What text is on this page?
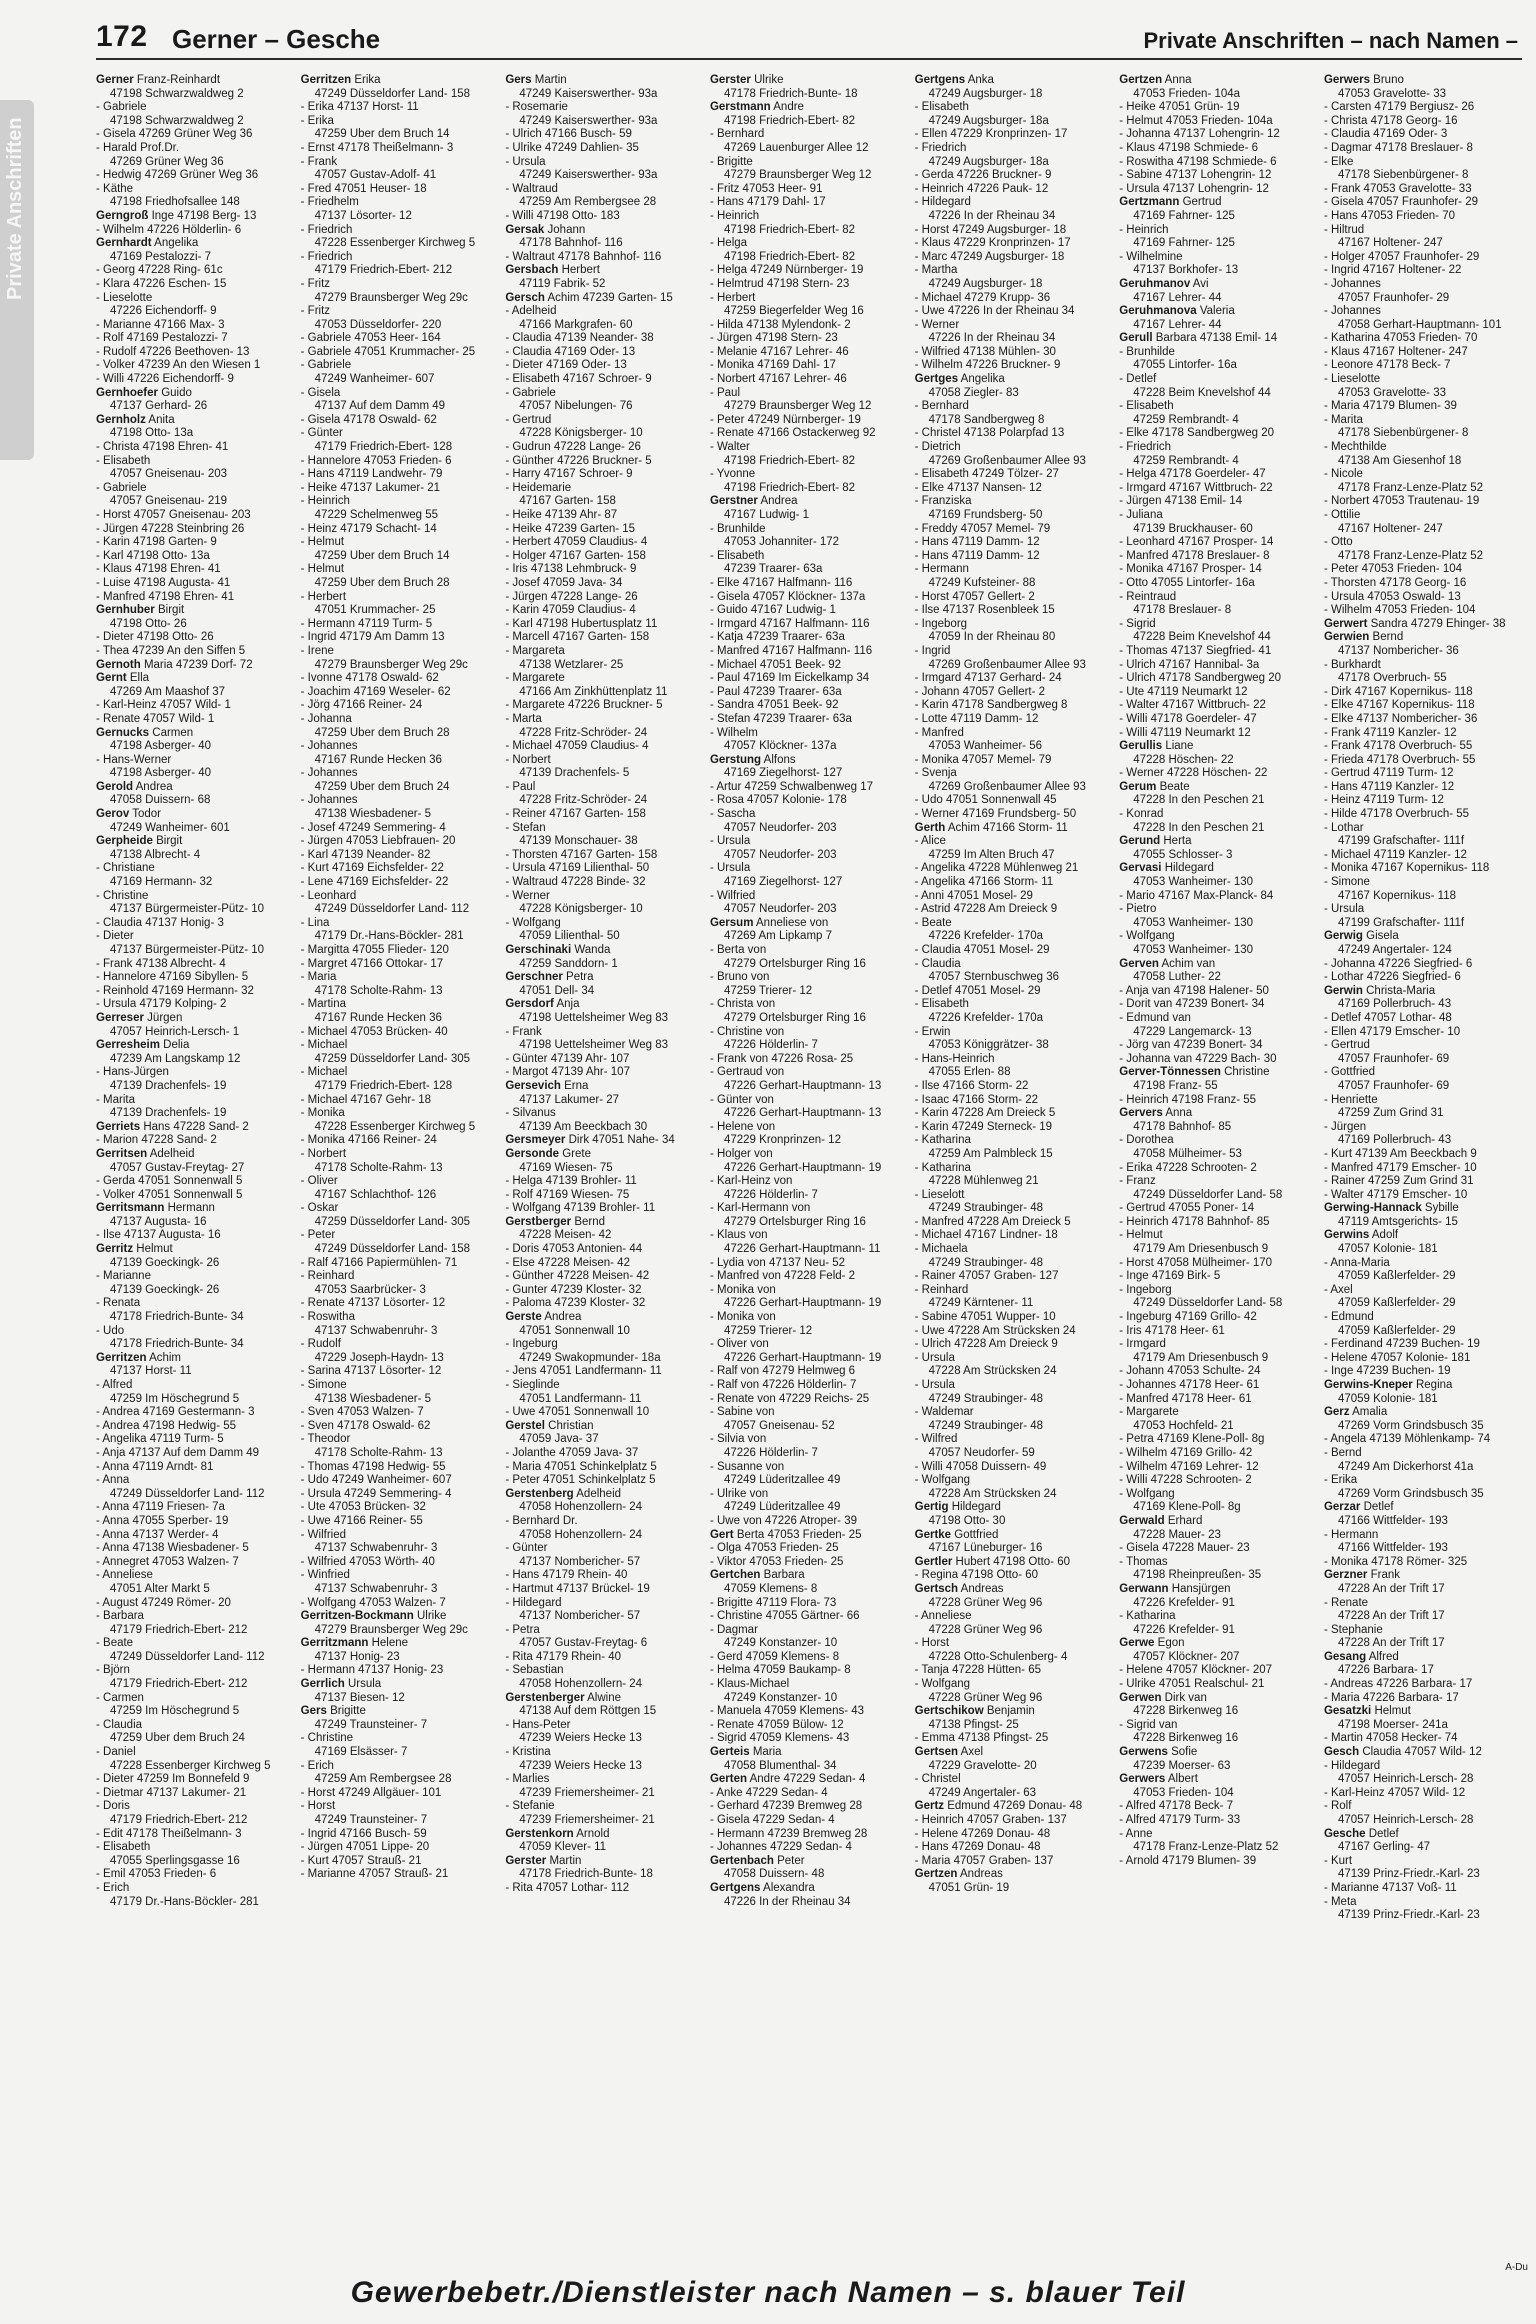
Private Anschriften
172 Gerner – Gesche	Private Anschriften – nach Namen –
Gerner Franz-Reinhardt
47198 Schwarzwaldweg 2
- Gabriele
47198 Schwarzwaldweg 2
- Gisela 47269 Grüner Weg 36
- Harald Prof.Dr.
47269 Grüner Weg 36
- Hedwig 47269 Grüner Weg 36
- Käthe
47198 Friedhofsallee 148
Gerngroß Inge 47198 Berg- 13
- Wilhelm 47226 Hölderlin- 6
Gernhardt Angelika
47169 Pestalozzi- 7
- Georg 47228 Ring- 61c
- Klara 47226 Eschen- 15
- Lieselotte
47226 Eichendorff- 9
- Marianne 47166 Max- 3
- Rolf 47169 Pestalozzi- 7
- Rudolf 47226 Beethoven- 13
- Volker 47239 An den Wiesen 1
- Willi 47226 Eichendorff- 9
Gernhoefer Guido
47137 Gerhard- 26
Gernholz Anita
47198 Otto- 13a
- Christa 47198 Ehren- 41
- Elisabeth
47057 Gneisenau- 203
- Gabriele
47057 Gneisenau- 219
- Horst 47057 Gneisenau- 203
- Jürgen 47228 Steinbring 26
- Karin 47198 Garten- 9
- Karl 47198 Otto- 13a
- Klaus 47198 Ehren- 41
- Luise 47198 Augusta- 41
- Manfred 47198 Ehren- 41
Gernhuber Birgit
47198 Otto- 26
- Dieter 47198 Otto- 26
- Thea 47239 An den Siffen 5
Gernoth Maria 47239 Dorf- 72
Gernt Ella
47269 Am Maashof 37
- Karl-Heinz 47057 Wild- 1
- Renate 47057 Wild- 1
Gernucks Carmen
47198 Asberger- 40
- Hans-Werner
47198 Asberger- 40
Gerold Andrea
47058 Duissern- 68
Gerov Todor
47249 Wanheimer- 601
Gerpheide Birgit
47138 Albrecht- 4
- Christiane
47169 Hermann- 32
- Christine
47137 Bürgermeister-Pütz- 10
- Claudia 47137 Honig- 3
- Dieter
47137 Bürgermeister-Pütz- 10
- Frank 47138 Albrecht- 4
- Hannelore 47169 Sibyllen- 5
- Reinhold 47169 Hermann- 32
- Ursula 47179 Kolping- 2
Gerreser Jürgen
47057 Heinrich-Lersch- 1
Gerresheim Delia
47239 Am Langskamp 12
- Hans-Jürgen
47139 Drachenfels- 19
- Marita
47139 Drachenfels- 19
Gerriets Hans 47228 Sand- 2
- Marion 47228 Sand- 2
Gerritsen Adelheid
47057 Gustav-Freytag- 27
- Gerda 47051 Sonnenwall 5
- Volker 47051 Sonnenwall 5
Gerritsmann Hermann
47137 Augusta- 16
- Ilse 47137 Augusta- 16
Gerritz Helmut
47139 Goeckingk- 26
- Marianne
47139 Goeckingk- 26
- Renata
47178 Friedrich-Bunte- 34
- Udo
47178 Friedrich-Bunte- 34
Gerritzen Achim
47137 Horst- 11
- Alfred
47259 Im Höschegrund 5
- Andrea 47169 Gestermann- 3
- Andrea 47198 Hedwig- 55
- Angelika 47119 Turm- 5
- Anja 47137 Auf dem Damm 49
- Anna 47119 Arndt- 81
- Anna
47249 Düsseldorfer Land- 112
- Anna 47119 Friesen- 7a
- Anna 47055 Sperber- 19
- Anna 47137 Werder- 4
- Anna 47138 Wiesbadener- 5
- Annegret 47053 Walzen- 7
- Anneliese
47051 Alter Markt 5
- August 47249 Römer- 20
- Barbara
47179 Friedrich-Ebert- 212
- Beate
47249 Düsseldorfer Land- 112
- Björn
47179 Friedrich-Ebert- 212
- Carmen
47259 Im Höschegrund 5
- Claudia
47259 Über dem Bruch 24
- Daniel
47228 Essenberger Kirchweg 5
- Dieter 47259 Im Bonnefeld 9
- Dietmar 47137 Lakumer- 21
- Doris
47179 Friedrich-Ebert- 212
- Edit 47178 Theißelmann- 3
- Elisabeth
47055 Sperlingsgasse 16
- Emil 47053 Frieden- 6
- Erich
47179 Dr.-Hans-Böckler- 281
Gerritzen Erika
47249 Düsseldorfer Land- 158
- Erika 47137 Horst- 11
- Erika
47259 Über dem Bruch 14
- Ernst 47178 Theißelmann- 3
- Frank
47057 Gustav-Adolf- 41
- Fred 47051 Heuser- 18
- Friedhelm
47137 Lösorter- 12
- Friedrich
47228 Essenberger Kirchweg 5
- Friedrich
47179 Friedrich-Ebert- 212
- Fritz
47279 Braunsberger Weg 29c
- Fritz
47053 Düsseldorfer- 220
- Gabriele 47053 Heer- 164
- Gabriele 47051 Krummacher- 25
- Gabriele
47249 Wanheimer- 607
- Gisela
47137 Auf dem Damm 49
- Gisela 47178 Oswald- 62
- Günter
47179 Friedrich-Ebert- 128
- Hannelore 47053 Frieden- 6
- Hans 47119 Landwehr- 79
- Heike 47137 Lakumer- 21
- Heinrich
47229 Schelmenweg 55
- Heinz 47179 Schacht- 14
- Helmut
47259 Über dem Bruch 14
- Helmut
47259 Über dem Bruch 28
- Herbert
47051 Krummacher- 25
- Hermann 47119 Turm- 5
- Ingrid 47179 Am Damm 13
- Irene
47279 Braunsberger Weg 29c
- Ivonne 47178 Oswald- 62
- Joachim 47169 Weseler- 62
- Jörg 47166 Reiner- 24
- Johanna
47259 Über dem Bruch 28
- Johannes
47167 Runde Hecken 36
- Johannes
47259 Über dem Bruch 24
- Johannes
47138 Wiesbadener- 5
- Josef 47249 Semmering- 4
- Jürgen 47053 Liebfrauen- 20
- Karl 47139 Neander- 82
- Kurt 47169 Eichsfelder- 22
- Lene 47169 Eichsfelder- 22
- Leonhard
47249 Düsseldorfer Land- 112
- Lina
47179 Dr.-Hans-Böckler- 281
- Margitta 47055 Flieder- 120
- Margret 47166 Ottokar- 17
- Maria
47178 Scholte-Rahm- 13
- Martina
47167 Runde Hecken 36
- Michael 47053 Brücken- 40
- Michael
47259 Düsseldorfer Land- 305
- Michael
47179 Friedrich-Ebert- 128
- Michael 47167 Gehr- 18
- Monika
47228 Essenberger Kirchweg 5
- Monika 47166 Reiner- 24
- Norbert
47178 Scholte-Rahm- 13
- Oliver
47167 Schlachthof- 126
- Oskar
47259 Düsseldorfer Land- 305
- Peter
47249 Düsseldorfer Land- 158
- Ralf 47166 Papiermühlen- 71
- Reinhard
47053 Saarbrücker- 3
- Renate 47137 Lösorter- 12
- Roswitha
47137 Schwabenruhr- 3
- Rudolf
47229 Joseph-Haydn- 13
- Sarina 47137 Lösorter- 12
- Simone
47138 Wiesbadener- 5
- Sven 47053 Walzen- 7
- Sven 47178 Oswald- 62
- Theodor
47178 Scholte-Rahm- 13
- Thomas 47198 Hedwig- 55
- Udo 47249 Wanheimer- 607
- Ursula 47249 Semmering- 4
- Ute 47053 Brücken- 32
- Uwe 47166 Reiner- 55
- Wilfried
47137 Schwabenruhr- 3
- Wilfried 47053 Wörth- 40
- Winfried
47137 Schwabenruhr- 3
- Wolfgang 47053 Walzen- 7
Gerritzen-Bockmann Ulrike
47279 Braunsberger Weg 29c
Gerritzmann Helene
47137 Honig- 23
- Hermann 47137 Honig- 23
Gerrlich Ursula
47137 Biesen- 12
Gers Brigitte
47249 Traunsteiner- 7
- Christine
47169 Elsässer- 7
- Erich
47259 Am Rembergsee 28
- Horst 47249 Allgäuer- 101
- Horst
47249 Traunsteiner- 7
- Ingrid 47166 Busch- 59
- Jürgen 47051 Lippe- 20
- Kurt 47057 Strauß- 21
- Marianne 47057 Strauß- 21
Gers Martin
47249 Kaiserswerther- 93a
- Rosemarie
47249 Kaiserswerther- 93a
- Ulrich 47166 Busch- 59
- Ulrike 47249 Dahlien- 35
- Ursula
47249 Kaiserswerther- 93a
- Waltraud
47259 Am Rembergsee 28
- Willi 47198 Otto- 183
Gersak Johann
47178 Bahnhof- 116
- Waltraut 47178 Bahnhof- 116
Gersbach Herbert
47119 Fabrik- 52
Gersch Achim 47239 Garten- 15
- Adelheid
47166 Markgrafen- 60
- Claudia 47139 Neander- 38
- Claudia 47169 Oder- 13
- Dieter 47169 Oder- 13
- Elisabeth 47167 Schroer- 9
- Gabriele
47057 Nibelungen- 76
- Gertrud
47228 Königsberger- 10
- Gudrun 47228 Lange- 26
- Günther 47226 Bruckner- 5
- Harry 47167 Schroer- 9
- Heidemarie
47167 Garten- 158
- Heike 47139 Ahr- 87
- Heike 47239 Garten- 15
- Herbert 47059 Claudius- 4
- Holger 47167 Garten- 158
- Iris 47138 Lehmbruck- 9
- Josef 47059 Java- 34
- Jürgen 47228 Lange- 26
- Karin 47059 Claudius- 4
- Karl 47198 Hubertusplatz 11
- Marcell 47167 Garten- 158
- Margareta
47138 Wetzlarer- 25
- Margarete
47166 Am Zinkhüttenplatz 11
- Margarete 47226 Bruckner- 5
- Marta
47228 Fritz-Schröder- 24
- Michael 47059 Claudius- 4
- Norbert
47139 Drachenfels- 5
- Paul
47228 Fritz-Schröder- 24
- Reiner 47167 Garten- 158
- Stefan
47139 Monschauer- 38
- Thorsten 47167 Garten- 158
- Ursula 47169 Lilienthal- 50
- Waltraud 47228 Binde- 32
- Werner
47228 Königsberger- 10
- Wolfgang
47059 Lilienthal- 50
Gerschinaki Wanda
47259 Sanddorn- 1
Gerschner Petra
47051 Dell- 34
Gersdorf Anja
47198 Uettelsheimer Weg 83
- Frank
47198 Uettelsheimer Weg 83
- Günter 47139 Ahr- 107
- Margot 47139 Ahr- 107
Gersevich Erna
47137 Lakumer- 27
- Silvanus
47139 Am Beeckbach 30
Gersmeyer Dirk 47051 Nahe- 34
Gersonde Grete
47169 Wiesen- 75
- Helga 47139 Brohler- 11
- Rolf 47169 Wiesen- 75
- Wolfgang 47139 Brohler- 11
Gerstberger Bernd
47228 Meisen- 42
- Doris 47053 Antonien- 44
- Else 47228 Meisen- 42
- Günther 47228 Meisen- 42
- Gunter 47239 Kloster- 32
- Paloma 47239 Kloster- 32
Gerste Andrea
47051 Sonnenwall 10
- Ingeburg
47249 Swakopmunder- 18a
- Jens 47051 Landfermann- 11
- Sieglinde
47051 Landfermann- 11
- Uwe 47051 Sonnenwall 10
Gerstel Christian
47059 Java- 37
- Jolanthe 47059 Java- 37
- Maria 47051 Schinkelplatz 5
- Peter 47051 Schinkelplatz 5
Gerstenberg Adelheid
47058 Hohenzollern- 24
- Bernhard Dr.
47058 Hohenzollern- 24
- Günter
47137 Nombericher- 57
- Hans 47179 Rhein- 40
- Hartmut 47137 Brückel- 19
- Hildegard
47137 Nombericher- 57
- Petra
47057 Gustav-Freytag- 6
- Rita 47179 Rhein- 40
- Sebastian
47058 Hohenzollern- 24
Gerstenberger Alwine
47138 Auf dem Röttgen 15
- Hans-Peter
47239 Weiers Hecke 13
- Kristina
47239 Weiers Hecke 13
- Marlies
47239 Friemersheimer- 21
- Stefanie
47239 Friemersheimer- 21
Gerstenkorn Arnold
47059 Klever- 11
Gerster Martin
47178 Friedrich-Bunte- 18
- Rita 47057 Lothar- 112
Gerster Ulrike
47178 Friedrich-Bunte- 18
Gerstmann Andre
47198 Friedrich-Ebert- 82
- Bernhard
47269 Lauenburger Allee 12
- Brigitte
47279 Braunsberger Weg 12
- Fritz 47053 Heer- 91
- Hans 47179 Dahl- 17
- Heinrich
47198 Friedrich-Ebert- 82
- Helga
47198 Friedrich-Ebert- 82
- Helga 47249 Nürnberger- 19
- Helmtrud 47198 Stern- 23
- Herbert
47259 Biegerfelder Weg 16
- Hilda 47138 Mylendonk- 2
- Jürgen 47198 Stern- 23
- Melanie 47167 Lehrer- 46
- Monika 47169 Dahl- 17
- Norbert 47167 Lehrer- 46
- Paul
47279 Braunsberger Weg 12
- Peter 47249 Nürnberger- 19
- Renate 47166 Ostackerweg 92
- Walter
47198 Friedrich-Ebert- 82
- Yvonne
47198 Friedrich-Ebert- 82
Gerstner Andrea
47167 Ludwig- 1
- Brunhilde
47053 Johanniter- 172
- Elisabeth
47239 Traarer- 63a
- Elke 47167 Halfmann- 116
- Gisela 47057 Klöckner- 137a
- Guido 47167 Ludwig- 1
- Irmgard 47167 Halfmann- 116
- Katja 47239 Traarer- 63a
- Manfred 47167 Halfmann- 116
- Michael 47051 Beek- 92
- Paul 47169 Im Eickelkamp 34
- Paul 47239 Traarer- 63a
- Sandra 47051 Beek- 92
- Stefan 47239 Traarer- 63a
- Wilhelm
47057 Klöckner- 137a
Gerstung Alfons
47169 Ziegelhorst- 127
- Artur 47259 Schwalbenweg 17
- Rosa 47057 Kolonie- 178
- Sascha
47057 Neudorfer- 203
- Ursula
47057 Neudorfer- 203
- Ursula
47169 Ziegelhorst- 127
- Wilfried
47057 Neudorfer- 203
Gersum Anneliese von
47269 Am Lipkamp 7
- Berta von
47279 Ortelsburger Ring 16
- Bruno von
47259 Trierer- 12
- Christa von
47279 Ortelsburger Ring 16
- Christine von
47226 Hölderlin- 7
- Frank von 47226 Rosa- 25
- Gertraud von
47226 Gerhart-Hauptmann- 13
- Günter von
47226 Gerhart-Hauptmann- 13
- Helene von
47229 Kronprinzen- 12
- Holger von
47226 Gerhart-Hauptmann- 19
- Karl-Heinz von
47226 Hölderlin- 7
- Karl-Hermann von
47279 Ortelsburger Ring 16
- Klaus von
47226 Gerhart-Hauptmann- 11
- Lydia von 47137 Neu- 52
- Manfred von 47228 Feld- 2
- Monika von
47226 Gerhart-Hauptmann- 19
- Monika von
47259 Trierer- 12
- Oliver von
47226 Gerhart-Hauptmann- 19
- Ralf von 47279 Helmweg 6
- Ralf von 47226 Hölderlin- 7
- Renate von 47229 Reichs- 25
- Sabine von
47057 Gneisenau- 52
- Silvia von
47226 Hölderlin- 7
- Susanne von
47249 Lüderitzallee 49
- Ulrike von
47249 Lüderitzallee 49
- Uwe von 47226 Atroper- 39
Gert Berta 47053 Frieden- 25
- Olga 47053 Frieden- 25
- Viktor 47053 Frieden- 25
Gertchen Barbara
47059 Klemens- 8
- Brigitte 47119 Flora- 73
- Christine 47055 Gärtner- 66
- Dagmar
47249 Konstanzer- 10
- Gerd 47059 Klemens- 8
- Helma 47059 Baukamp- 8
- Klaus-Michael
47249 Konstanzer- 10
- Manuela 47059 Klemens- 43
- Renate 47059 Bülow- 12
- Sigrid 47059 Klemens- 43
Gerteis Maria
47058 Blumenthal- 34
Gerten Andre 47229 Sedan- 4
- Anke 47229 Sedan- 4
- Gerhard 47239 Bremweg 28
- Gisela 47229 Sedan- 4
- Hermann 47239 Bremweg 28
- Johannes 47229 Sedan- 4
Gertenbach Peter
47058 Duissern- 48
Gertgens Alexandra
47226 In der Rheinau 34
Gertgens Anka
47249 Augsburger- 18
- Elisabeth
47249 Augsburger- 18a
- Ellen 47229 Kronprinzen- 17
- Friedrich
47249 Augsburger- 18a
- Gerda 47226 Bruckner- 9
- Heinrich 47226 Pauk- 12
- Hildegard
47226 In der Rheinau 34
- Horst 47249 Augsburger- 18
- Klaus 47229 Kronprinzen- 17
- Marc 47249 Augsburger- 18
- Martha
47249 Augsburger- 18
- Michael 47279 Krupp- 36
- Uwe 47226 In der Rheinau 34
- Werner
47226 In der Rheinau 34
- Wilfried 47138 Mühlen- 30
- Wilhelm 47226 Bruckner- 9
Gertges Angelika
47058 Ziegler- 83
- Bernhard
47178 Sandbergweg 8
- Christel 47138 Polarpfad 13
- Dietrich
47269 Großenbaumer Allee 93
- Elisabeth 47249 Tölzer- 27
- Elke 47137 Nansen- 12
- Franziska
47169 Frundsberg- 50
- Freddy 47057 Memel- 79
- Hans 47119 Damm- 12
- Hans 47119 Damm- 12
- Hermann
47249 Kufsteiner- 88
- Horst 47057 Gellert- 2
- Ilse 47137 Rosenbleek 15
- Ingeborg
47059 In der Rheinau 80
- Ingrid
47269 Großenbaumer Allee 93
- Irmgard 47137 Gerhard- 24
- Johann 47057 Gellert- 2
- Karin 47178 Sandbergweg 8
- Lotte 47119 Damm- 12
- Manfred
47053 Wanheimer- 56
- Monika 47057 Memel- 79
- Svenja
47269 Großenbaumer Allee 93
- Udo 47051 Sonnenwall 45
- Werner 47169 Frundsberg- 50
Gerth Achim 47166 Storm- 11
- Alice
47259 Im Alten Bruch 47
- Angelika 47228 Mühlenweg 21
- Angelika 47166 Storm- 11
- Anni 47051 Mosel- 29
- Astrid 47228 Am Dreieck 9
- Beate
47226 Krefelder- 170a
- Claudia 47051 Mosel- 29
- Claudia
47057 Sternbuschweg 36
- Detlef 47051 Mosel- 29
- Elisabeth
47226 Krefelder- 170a
- Erwin
47053 Königgrätzer- 38
- Hans-Heinrich
47055 Erlen- 88
- Ilse 47166 Storm- 22
- Isaac 47166 Storm- 22
- Karin 47228 Am Dreieck 5
- Karin 47249 Sterneck- 19
- Katharina
47259 Am Palmbleck 15
- Katharina
47228 Mühlenweg 21
- Lieselott
47249 Straubinger- 48
- Manfred 47228 Am Dreieck 5
- Michael 47167 Lindner- 18
- Michaela
47249 Straubinger- 48
- Rainer 47057 Graben- 127
- Reinhard
47249 Kärntener- 11
- Sabine 47051 Wupper- 10
- Uwe 47228 Am Strücksken 24
- Ulrich 47228 Am Dreieck 9
- Ursula
47228 Am Strücksken 24
- Ursula
47249 Straubinger- 48
- Waldemar
47249 Straubinger- 48
- Wilfred
47057 Neudorfer- 59
- Willi 47058 Duissern- 49
- Wolfgang
47228 Am Strücksken 24
Gertig Hildegard
47198 Otto- 30
Gertke Gottfried
47167 Lüneburger- 16
Gertler Hubert 47198 Otto- 60
- Regina 47198 Otto- 60
Gertsch Andreas
47228 Grüner Weg 96
- Anneliese
47228 Grüner Weg 96
- Horst
47228 Otto-Schulenberg- 4
- Tanja 47228 Hütten- 65
- Wolfgang
47228 Grüner Weg 96
Gertschikow Benjamin
47138 Pfingst- 25
- Emma 47138 Pfingst- 25
Gertsen Axel
47229 Gravelotte- 20
- Christel
47249 Angertaler- 63
Gertz Edmund 47269 Donau- 48
- Heinrich 47057 Graben- 137
- Helene 47269 Donau- 48
- Hans 47269 Donau- 48
- Maria 47057 Graben- 137
Gertzen Andreas
47051 Grün- 19
Gertzen Anna
47053 Frieden- 104a
- Heike 47051 Grün- 19
- Helmut 47053 Frieden- 104a
- Johanna 47137 Lohengrin- 12
- Klaus 47198 Schmiede- 6
- Roswitha 47198 Schmiede- 6
- Sabine 47137 Lohengrin- 12
- Ursula 47137 Lohengrin- 12
Gertzmann Gertrud
47169 Fahrner- 125
- Heinrich
47169 Fahrner- 125
- Wilhelmine
47137 Borkhofer- 13
Geruhmanov Avi
47167 Lehrer- 44
Geruhmanova Valeria
47167 Lehrer- 44
Gerull Barbara 47138 Emil- 14
- Brunhilde
47055 Lintorfer- 16a
- Detlef
47228 Beim Knevelshof 44
- Elisabeth
47259 Rembrandt- 4
- Elke 47178 Sandbergweg 20
- Friedrich
47259 Rembrandt- 4
- Helga 47178 Goerdeler- 47
- Irmgard 47167 Wittbruch- 22
- Jürgen 47138 Emil- 14
- Juliana
47139 Bruckhauser- 60
- Leonhard 47167 Prosper- 14
- Manfred 47178 Breslauer- 8
- Monika 47167 Prosper- 14
- Otto 47055 Lintorfer- 16a
- Reintraud
47178 Breslauer- 8
- Sigrid
47228 Beim Knevelshof 44
- Thomas 47137 Siegfried- 41
- Ulrich 47167 Hannibal- 3a
- Ulrich 47178 Sandbergweg 20
- Ute 47119 Neumarkt 12
- Walter 47167 Wittbruch- 22
- Willi 47178 Goerdeler- 47
- Willi 47119 Neumarkt 12
Gerullis Liane
47228 Höschen- 22
- Werner 47228 Höschen- 22
Gerum Beate
47228 In den Peschen 21
- Konrad
47228 In den Peschen 21
Gerund Herta
47055 Schlosser- 3
Gervasi Hildegard
47053 Wanheimer- 130
- Mario 47167 Max-Planck- 84
- Pietro
47053 Wanheimer- 130
- Wolfgang
47053 Wanheimer- 130
Gerven Achim van
47058 Luther- 22
- Anja van 47198 Halener- 50
- Dorit van 47239 Bonert- 34
- Edmund van
47229 Langemarck- 13
- Jörg van 47239 Bonert- 34
- Johanna van 47229 Bach- 30
Gerver-Tönnessen Christine
47198 Franz- 55
- Heinrich 47198 Franz- 55
Gervers Anna
47178 Bahnhof- 85
- Dorothea
47058 Mülheimer- 53
- Erika 47228 Schrooten- 2
- Franz
47249 Düsseldorfer Land- 58
- Gertrud 47055 Poner- 14
- Heinrich 47178 Bahnhof- 85
- Helmut
47179 Am Driesenbusch 9
- Horst 47058 Mülheimer- 170
- Inge 47169 Birk- 5
- Ingeborg
47249 Düsseldorfer Land- 58
- Ingeburg 47169 Grillo- 42
- Iris 47178 Heer- 61
- Irmgard
47179 Am Driesenbusch 9
- Johann 47053 Schulte- 24
- Johannes 47178 Heer- 61
- Manfred 47178 Heer- 61
- Margarete
47053 Hochfeld- 21
- Petra 47169 Klene-Poll- 8g
- Wilhelm 47169 Grillo- 42
- Wilhelm 47169 Lehrer- 12
- Willi 47228 Schrooten- 2
- Wolfgang
47169 Klene-Poll- 8g
Gerwald Erhard
47228 Mauer- 23
- Gisela 47228 Mauer- 23
- Thomas
47198 Rheinpreußen- 35
Gerwann Hansjürgen
47226 Krefelder- 91
- Katharina
47226 Krefelder- 91
Gerwe Egon
47057 Klöckner- 207
- Helene 47057 Klöckner- 207
- Ulrike 47051 Realschul- 21
Gerwen Dirk van
47228 Birkenweg 16
- Sigrid van
47228 Birkenweg 16
Gerwens Sofie
47239 Moerser- 63
Gerwers Albert
47053 Frieden- 104
- Alfred 47178 Beck- 7
- Alfred 47179 Turm- 33
- Anne
47178 Franz-Lenze-Platz 52
- Arnold 47179 Blumen- 39
Gerwers Bruno
47053 Gravelotte- 33
- Carsten 47179 Bergiusz- 26
- Christa 47178 Georg- 16
- Claudia 47169 Oder- 3
- Dagmar 47178 Breslauer- 8
- Elke
47178 Siebenbürgener- 8
- Frank 47053 Gravelotte- 33
- Gisela 47057 Fraunhofer- 29
- Hans 47053 Frieden- 70
- Hiltrud
47167 Holtener- 247
- Holger 47057 Fraunhofer- 29
- Ingrid 47167 Holtener- 22
- Johannes
47057 Fraunhofer- 29
- Johannes
47058 Gerhart-Hauptmann- 101
- Katharina 47053 Frieden- 70
- Klaus 47167 Holtener- 247
- Leonore 47178 Beck- 7
- Lieselotte
47053 Gravelotte- 33
- Maria 47179 Blumen- 39
- Marita
47178 Siebenbürgener- 8
- Mechthilde
47138 Am Giesenhof 18
- Nicole
47178 Franz-Lenze-Platz 52
- Norbert 47053 Trautenau- 19
- Ottilie
47167 Holtener- 247
- Otto
47178 Franz-Lenze-Platz 52
- Peter 47053 Frieden- 104
- Thorsten 47178 Georg- 16
- Ursula 47053 Oswald- 13
- Wilhelm 47053 Frieden- 104
Gerwert Sandra 47279 Ehinger- 38
Gerwien Bernd
47137 Nombericher- 36
- Burkhardt
47178 Overbruch- 55
- Dirk 47167 Kopernikus- 118
- Elke 47167 Kopernikus- 118
- Elke 47137 Nombericher- 36
- Frank 47119 Kanzler- 12
- Frank 47178 Overbruch- 55
- Frieda 47178 Overbruch- 55
- Gertrud 47119 Turm- 12
- Hans 47119 Kanzler- 12
- Heinz 47119 Turm- 12
- Hilde 47178 Overbruch- 55
- Lothar
47199 Grafschafter- 111f
- Michael 47119 Kanzler- 12
- Monika 47167 Kopernikus- 118
- Simone
47167 Kopernikus- 118
- Ursula
47199 Grafschafter- 111f
Gerwig Gisela
47249 Angertaler- 124
- Johanna 47226 Siegfried- 6
- Lothar 47226 Siegfried- 6
Gerwin Christa-Maria
47169 Pollerbruch- 43
- Detlef 47057 Lothar- 48
- Ellen 47179 Emscher- 10
- Gertrud
47057 Fraunhofer- 69
- Gottfried
47057 Fraunhofer- 69
- Henriette
47259 Zum Grind 31
- Jürgen
47169 Pollerbruch- 43
- Kurt 47139 Am Beeckbach 9
- Manfred 47179 Emscher- 10
- Rainer 47259 Zum Grind 31
- Walter 47179 Emscher- 10
Gerwing-Hannack Sybille
47119 Amtsgerichts- 15
Gerwins Adolf
47057 Kolonie- 181
- Anna-Maria
47059 Kaßlerfelder- 29
- Axel
47059 Kaßlerfelder- 29
- Edmund
47059 Kaßlerfelder- 29
- Ferdinand 47239 Buchen- 19
- Helene 47057 Kolonie- 181
- Inge 47239 Buchen- 19
Gerwins-Kneper Regina
47059 Kolonie- 181
Gerz Amalia
47269 Vorm Grindsbusch 35
- Angela 47139 Möhlenkamp- 74
- Bernd
47249 Am Dickerhorst 41a
- Erika
47269 Vorm Grindsbusch 35
Gerzar Detlef
47166 Wittfelder- 193
- Hermann
47166 Wittfelder- 193
- Monika 47178 Römer- 325
Gerzner Frank
47228 An der Trift 17
- Renate
47228 An der Trift 17
- Stephanie
47228 An der Trift 17
Gesang Alfred
47226 Barbara- 17
- Andreas 47226 Barbara- 17
- Maria 47226 Barbara- 17
Gesatzki Helmut
47198 Moerser- 241a
- Martin 47058 Hecker- 74
Gesch Claudia 47057 Wild- 12
- Hildegard
47057 Heinrich-Lersch- 28
- Karl-Heinz 47057 Wild- 12
- Rolf
47057 Heinrich-Lersch- 28
Gesche Detlef
47167 Gerling- 47
- Kurt
47139 Prinz-Friedr.-Karl- 23
- Marianne 47137 Voß- 11
- Meta
47139 Prinz-Friedr.-Karl- 23
Gewerbebetr./Dienstleister nach Namen – s. blauer Teil
A-Du
